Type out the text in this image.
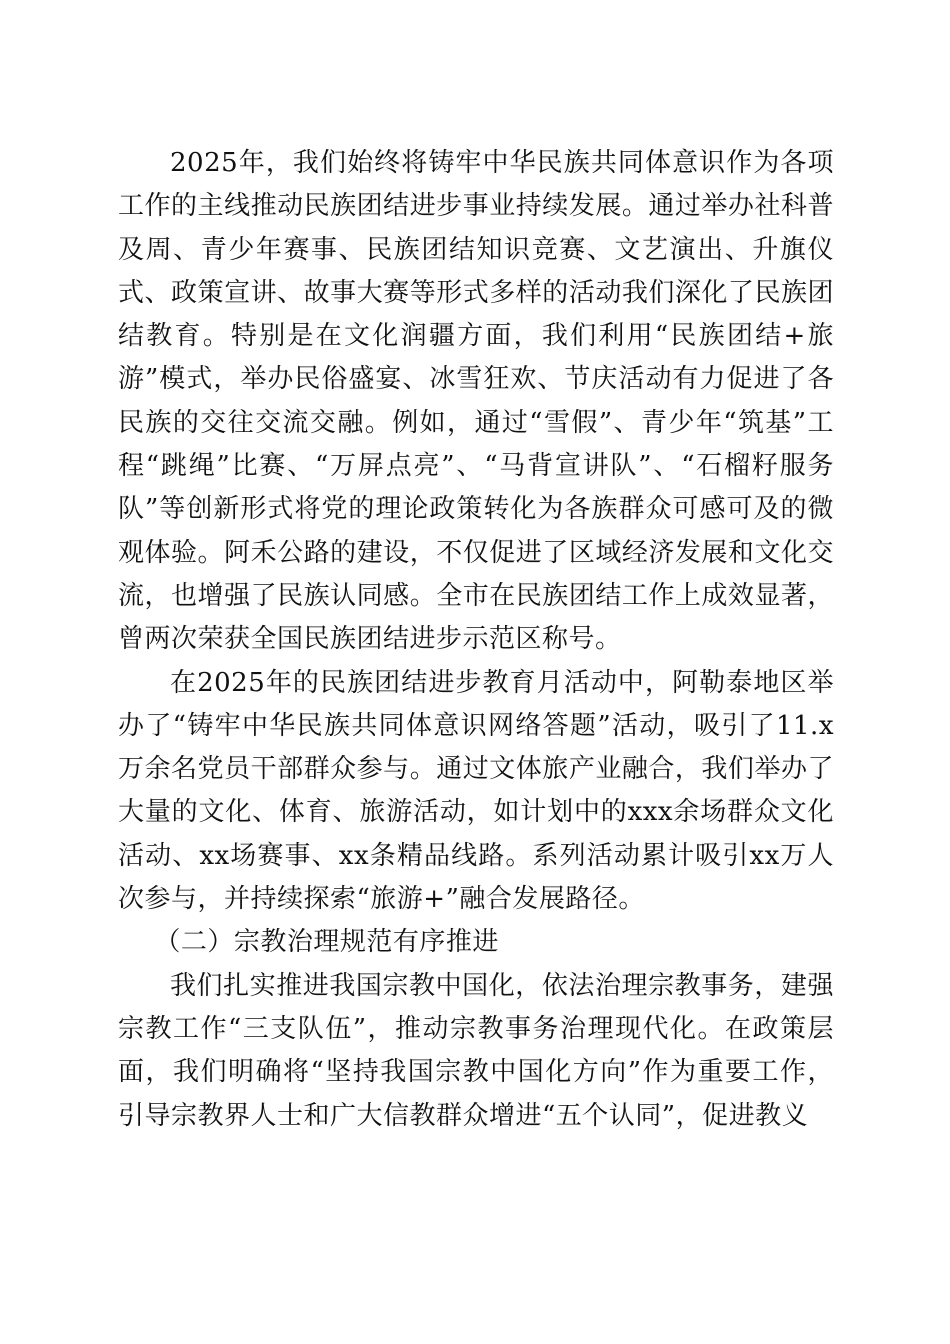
2025年，我们始终将铸牢中华民族共同体意识作为各项工作的主线推动民族团结进步事业持续发展。通过举办社科普及周、青少年赛事、民族团结知识竞赛、文艺演出、升旗仪式、政策宣讲、故事大赛等形式多样的活动我们深化了民族团结教育。特别是在文化润疆方面，我们利用“民族团结+旅游”模式，举办民俗盛宴、冰雪狂欢、节庆活动有力促进了各民族的交往交流交融。例如，通过“雪假”、青少年“筑基”工程“跳绳”比赛、“万屏点亮”、“马背宣讲队”、“石榴籽服务队”等创新形式将党的理论政策转化为各族群众可感可及的微观体验。阿禾公路的建设，不仅促进了区域经济发展和文化交流，也增强了民族认同感。全市在民族团结工作上成效显著，曾两次荣获全国民族团结进步示范区称号。

在2025年的民族团结进步教育月活动中，阿勒泰地区举办了“铸牢中华民族共同体意识网络答题”活动，吸引了11.x万余名党员干部群众参与。通过文体旅产业融合，我们举办了大量的文化、体育、旅游活动，如计划中的xxx余场群众文化活动、xx场赛事、xx条精品线路。系列活动累计吸引xx万人次参与，并持续探索“旅游+”融合发展路径。

（二）宗教治理规范有序推进

我们扎实推进我国宗教中国化，依法治理宗教事务，建强宗教工作“三支队伍”，推动宗教事务治理现代化。在政策层面，我们明确将“坚持我国宗教中国化方向”作为重要工作，引导宗教界人士和广大信教群众增进“五个认同”，促进教义
